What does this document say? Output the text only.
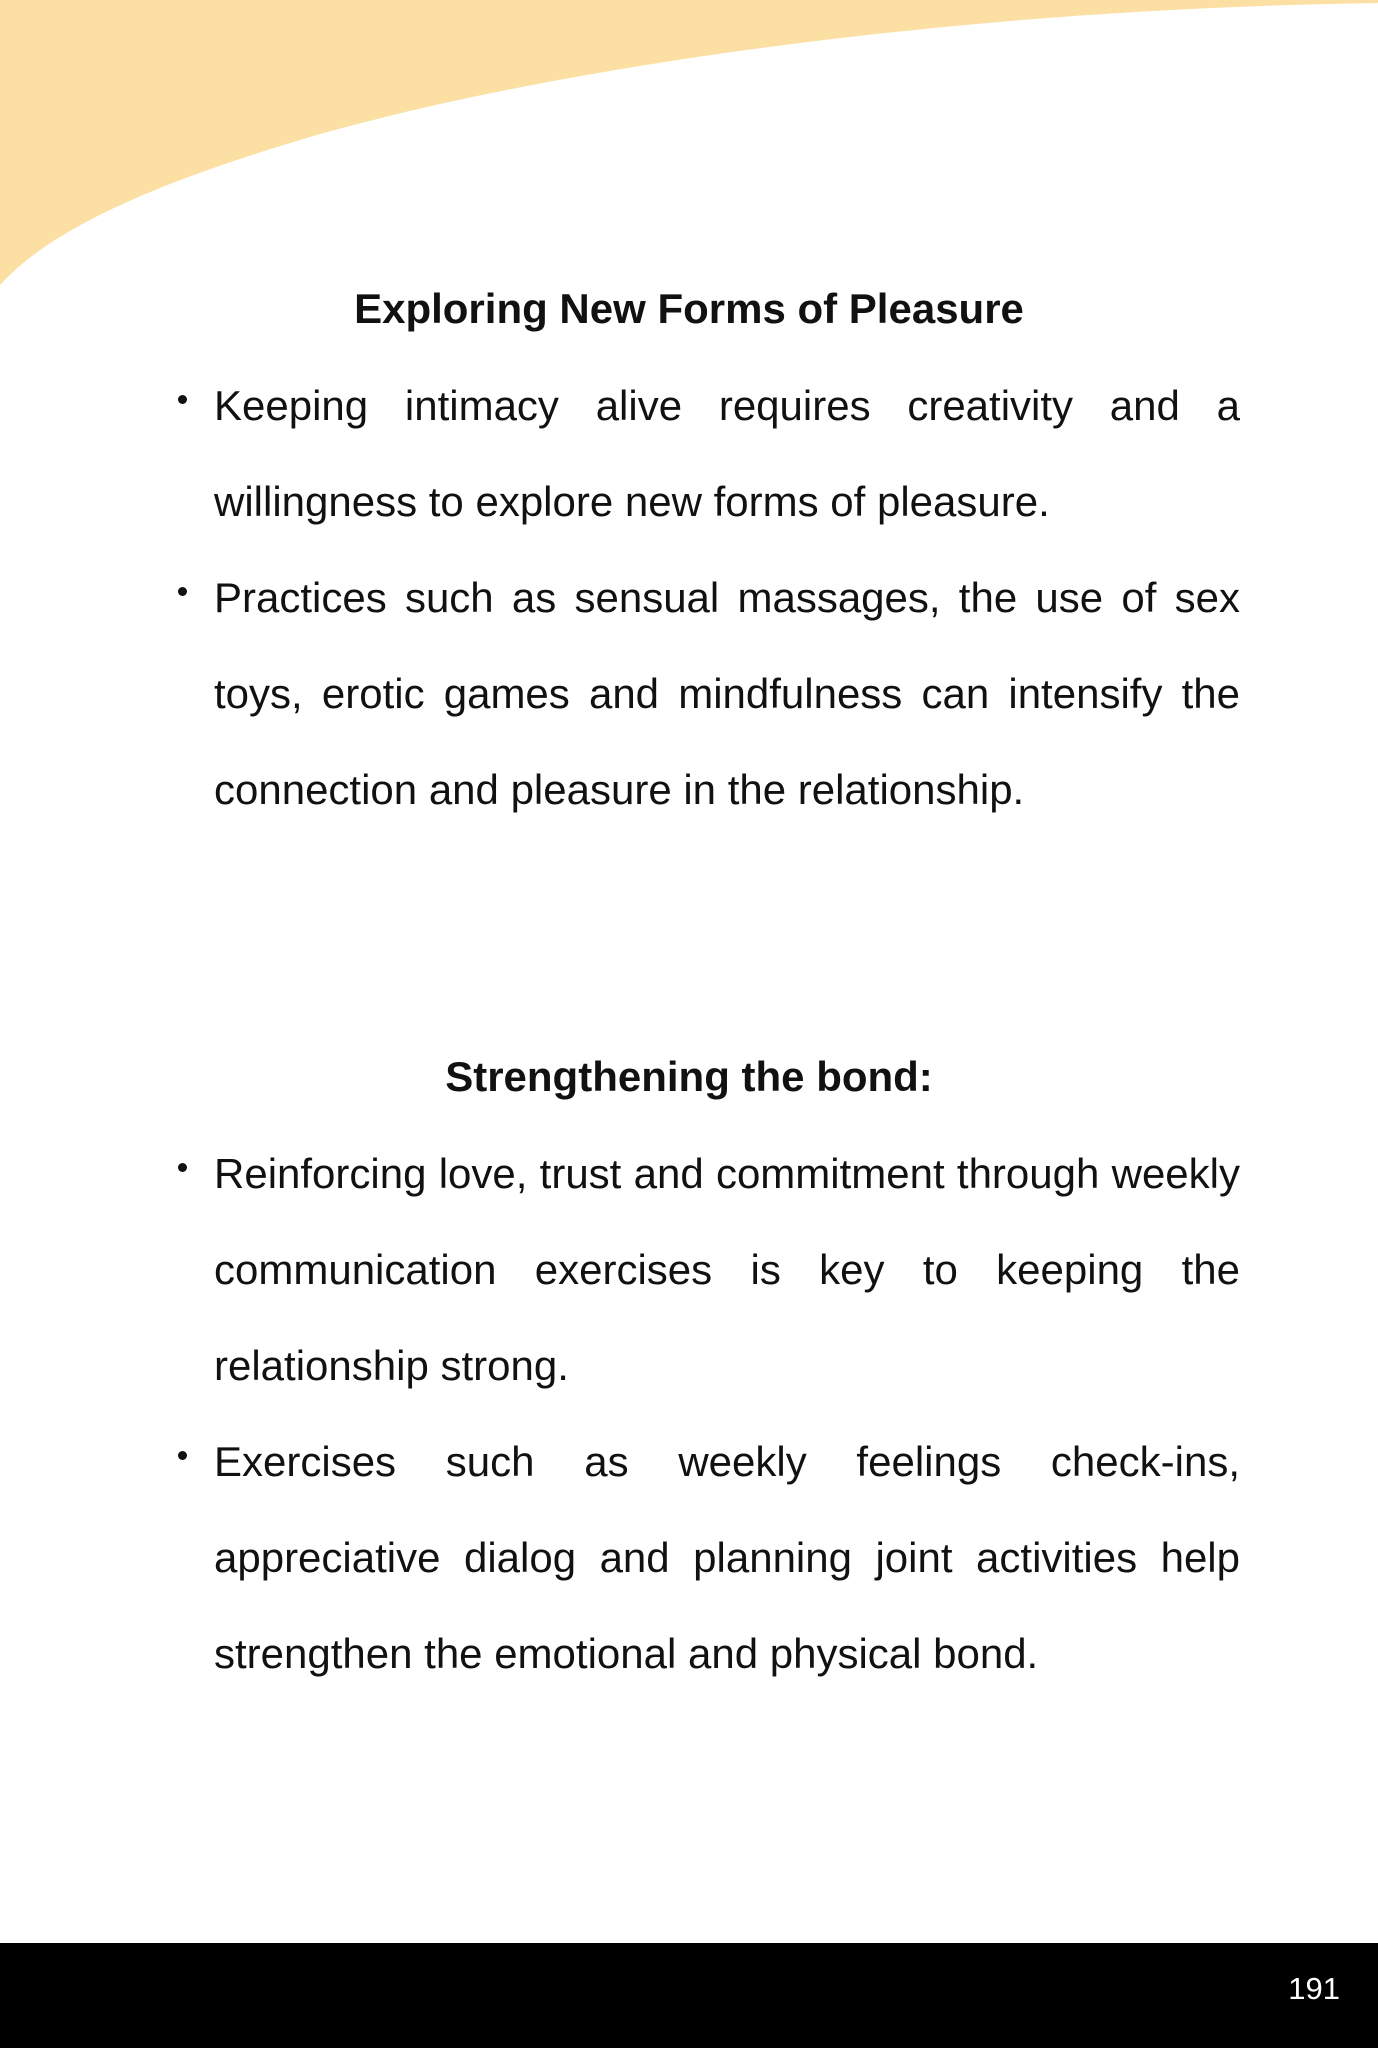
Exploring New Forms of Pleasure
Keeping intimacy alive requires creativity and a willingness to explore new forms of pleasure.
Practices such as sensual massages, the use of sex toys, erotic games and mindfulness can intensify the connection and pleasure in the relationship.
Strengthening the bond:
Reinforcing love, trust and commitment through weekly communication exercises is key to keeping the relationship strong.
Exercises such as weekly feelings check-ins, appreciative dialog and planning joint activities help strengthen the emotional and physical bond.
191
